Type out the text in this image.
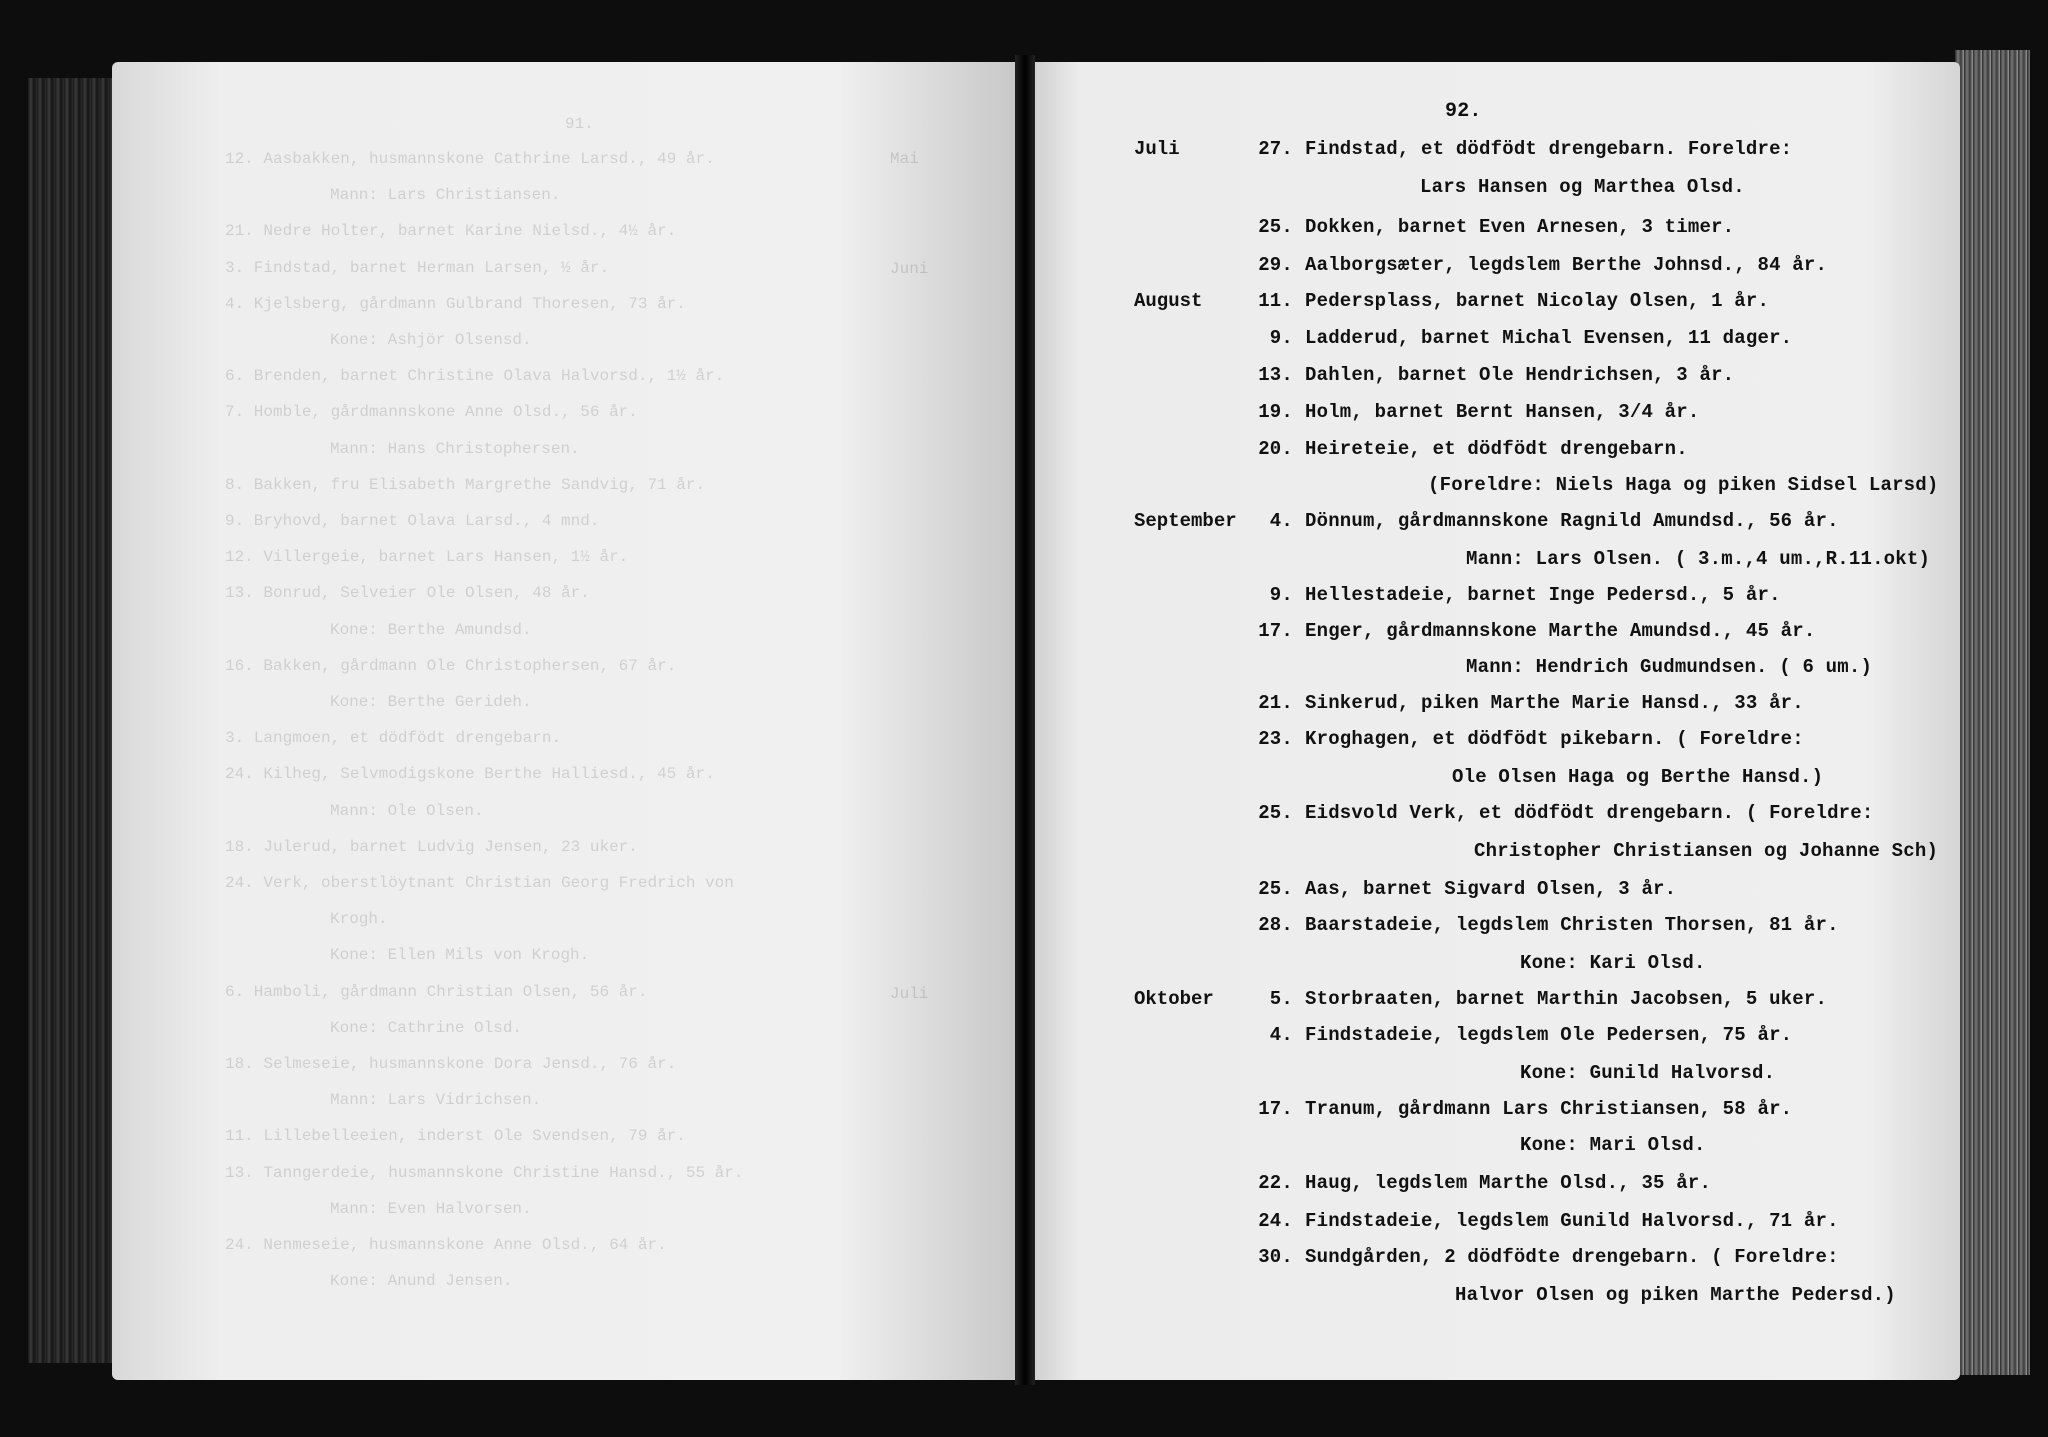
91.
12. Aasbakken, husmannskone Cathrine Larsd., 49 år.
Mann: Lars Christiansen.
21. Nedre Holter, barnet Karine Nielsd., 4½ år.
3. Findstad, barnet Herman Larsen, ½ år.
4. Kjelsberg, gårdmann Gulbrand Thoresen, 73 år.
Kone: Ashjör Olsensd.
6. Brenden, barnet Christine Olava Halvorsd., 1½ år.
7. Homble, gårdmannskone Anne Olsd., 56 år.
Mann: Hans Christophersen.
8. Bakken, fru Elisabeth Margrethe Sandvig, 71 år.
9. Bryhovd, barnet Olava Larsd., 4 mnd.
12. Villergeie, barnet Lars Hansen, 1½ år.
13. Bonrud, Selveier Ole Olsen, 48 år.
Kone: Berthe Amundsd.
16. Bakken, gårdmann Ole Christophersen, 67 år.
Kone: Berthe Gerideh.
3. Langmoen, et dödfödt drengebarn.
24. Kilheg, Selvmodigskone Berthe Halliesd., 45 år.
Mann: Ole Olsen.
18. Julerud, barnet Ludvig Jensen, 23 uker.
24. Verk, oberstlöytnant Christian Georg Fredrich von
Krogh.
Kone: Ellen Mils von Krogh.
6. Hamboli, gårdmann Christian Olsen, 56 år.
Kone: Cathrine Olsd.
18. Selmeseie, husmannskone Dora Jensd., 76 år.
Mann: Lars Vidrichsen.
11. Lillebelleeien, inderst Ole Svendsen, 79 år.
13. Tanngerdeie, husmannskone Christine Hansd., 55 år.
Mann: Even Halvorsen.
24. Nenmeseie, husmannskone Anne Olsd., 64 år.
Kone: Anund Jensen.
Mai
Juni
Juli
92.
Juli
August
September
Oktober
27. Findstad, et dödfödt drengebarn. Foreldre:
Lars Hansen og Marthea Olsd.
25. Dokken, barnet Even Arnesen, 3 timer.
29. Aalborgsæter, legdslem Berthe Johnsd., 84 år.
11. Pedersplass, barnet Nicolay Olsen, 1 år.
9. Ladderud, barnet Michal Evensen, 11 dager.
13. Dahlen, barnet Ole Hendrichsen, 3 år.
19. Holm, barnet Bernt Hansen, 3/4 år.
20. Heireteie, et dödfödt drengebarn.
(Foreldre: Niels Haga og piken Sidsel Larsd)
4. Dönnum, gårdmannskone Ragnild Amundsd., 56 år.
Mann: Lars Olsen. ( 3.m.,4 um.,R.11.okt)
9. Hellestadeie, barnet Inge Pedersd., 5 år.
17. Enger, gårdmannskone Marthe Amundsd., 45 år.
Mann: Hendrich Gudmundsen. ( 6 um.)
21. Sinkerud, piken Marthe Marie Hansd., 33 år.
23. Kroghagen, et dödfödt pikebarn. ( Foreldre:
Ole Olsen Haga og Berthe Hansd.)
25. Eidsvold Verk, et dödfödt drengebarn. ( Foreldre:
Christopher Christiansen og Johanne Sch)
25. Aas, barnet Sigvard Olsen, 3 år.
28. Baarstadeie, legdslem Christen Thorsen, 81 år.
Kone: Kari Olsd.
5. Storbraaten, barnet Marthin Jacobsen, 5 uker.
4. Findstadeie, legdslem Ole Pedersen, 75 år.
Kone: Gunild Halvorsd.
17. Tranum, gårdmann Lars Christiansen, 58 år.
Kone: Mari Olsd.
22. Haug, legdslem Marthe Olsd., 35 år.
24. Findstadeie, legdslem Gunild Halvorsd., 71 år.
30. Sundgården, 2 dödfödte drengebarn. ( Foreldre:
Halvor Olsen og piken Marthe Pedersd.)
